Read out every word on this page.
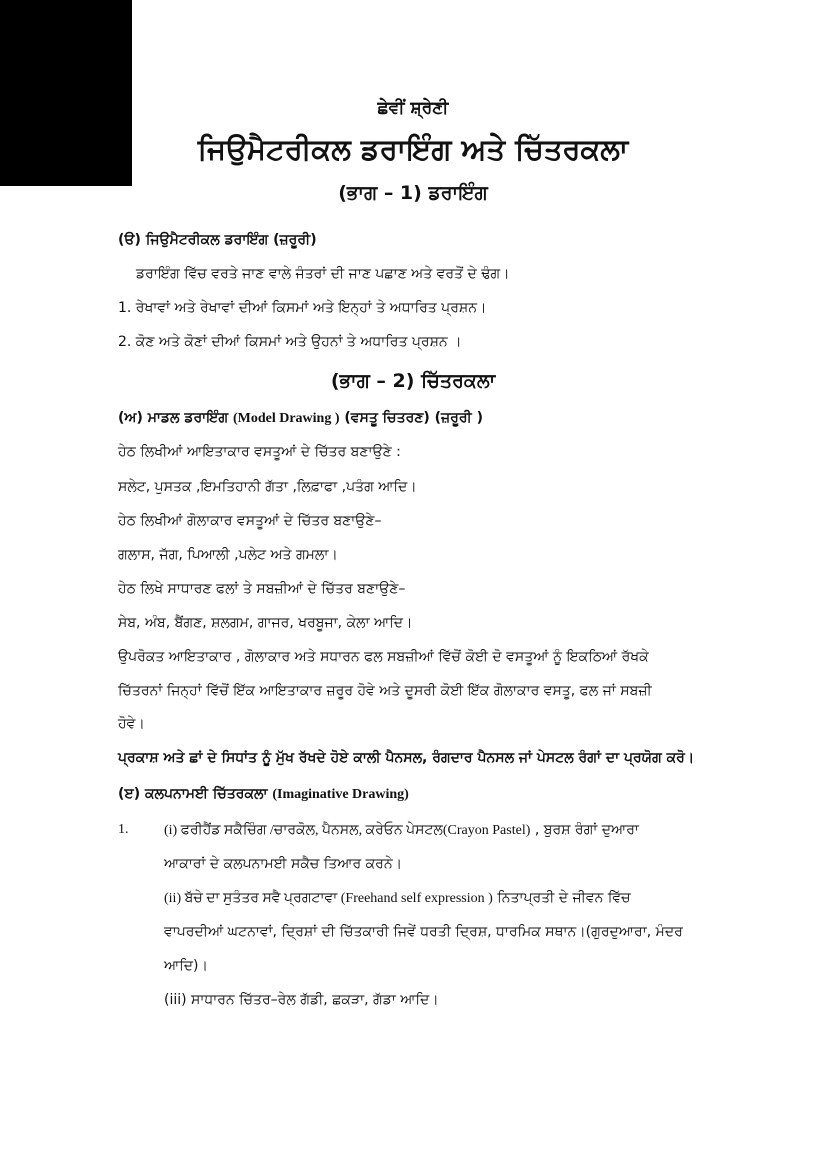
ਛੇਵੀਂ ਸ਼੍ਰੇਣੀ
ਜਿਉਮੈਟਰੀਕਲ ਡਰਾਇੰਗ ਅਤੇ ਚਿੱਤਰਕਲਾ
(ਭਾਗ – 1) ਡਰਾਇੰਗ
(ੳ) ਜਿਉਮੈਟਰੀਕਲ ਡਰਾਇੰਗ (ਜ਼ਰੂਰੀ)
ਡਰਾਇੰਗ ਵਿੱਚ ਵਰਤੇ ਜਾਣ ਵਾਲੇ ਜੰਤਰਾਂ ਦੀ ਜਾਣ ਪਛਾਣ ਅਤੇ ਵਰਤੋਂ ਦੇ ਢੰਗ।
1. ਰੇਖਾਵਾਂ ਅਤੇ ਰੇਖਾਵਾਂ ਦੀਆਂ ਕਿਸਮਾਂ ਅਤੇ ਇਨ੍ਹਾਂ ਤੇ ਅਧਾਰਿਤ ਪ੍ਰਸ਼ਨ।
2. ਕੋਣ ਅਤੇ ਕੋਣਾਂ ਦੀਆਂ ਕਿਸਮਾਂ ਅਤੇ ਉਹਨਾਂ ਤੇ ਅਧਾਰਿਤ ਪ੍ਰਸ਼ਨ ।
(ਭਾਗ – 2) ਚਿੱਤਰਕਲਾ
(ਅ) ਮਾਡਲ ਡਰਾਇੰਗ (Model Drawing ) (ਵਸਤੂ ਚਿਤਰਣ) (ਜ਼ਰੂਰੀ )
ਹੇਠ ਲਿਖੀਆਂ ਆਇਤਾਕਾਰ ਵਸਤੂਆਂ ਦੇ ਚਿੱਤਰ ਬਣਾਉਣੇ :
ਸਲੇਟ, ਪੁਸਤਕ ,ਇਮਤਿਹਾਨੀ ਗੱਤਾ ,ਲਿਫ਼ਾਫਾ ,ਪਤੰਗ ਆਦਿ।
ਹੇਠ ਲਿਖੀਆਂ ਗੋਲਾਕਾਰ ਵਸਤੂਆਂ ਦੇ ਚਿੱਤਰ ਬਣਾਉਣੇ–
ਗਲਾਸ, ਜੱਗ, ਪਿਆਲੀ ,ਪਲੇਟ ਅਤੇ ਗਮਲਾ।
ਹੇਠ ਲਿਖੇ ਸਾਧਾਰਣ ਫਲਾਂ ਤੇ ਸਬਜ਼ੀਆਂ ਦੇ ਚਿੱਤਰ ਬਣਾਉਣੇ–
ਸੇਬ, ਅੰਬ, ਬੈਂਗਣ, ਸ਼ਲਗਮ, ਗਾਜਰ, ਖਰਬੂਜਾ, ਕੇਲਾ ਆਦਿ।
ਉਪਰੋਕਤ ਆਇਤਾਕਾਰ , ਗੋਲਾਕਾਰ ਅਤੇ ਸਧਾਰਨ ਫਲ ਸਬਜ਼ੀਆਂ ਵਿੱਚੋਂ ਕੋਈ ਦੋ ਵਸਤੂਆਂ ਨੂੰ ਇਕਠਿਆਂ ਰੱਖਕੇ
ਚਿੱਤਰਨਾਂ ਜਿਨ੍ਹਾਂ ਵਿੱਚੋਂ ਇੱਕ ਆਇਤਾਕਾਰ ਜ਼ਰੂਰ ਹੋਵੇ ਅਤੇ ਦੂਸਰੀ ਕੋਈ ਇੱਕ ਗੋਲਾਕਾਰ ਵਸਤੂ, ਫਲ ਜਾਂ ਸਬਜ਼ੀ
ਹੋਵੇ।
ਪ੍ਰਕਾਸ਼ ਅਤੇ ਛਾਂ ਦੇ ਸਿਧਾਂਤ ਨੂੰ ਮੁੱਖ ਰੱਖਦੇ ਹੋਏ ਕਾਲੀ ਪੈਨਸਲ, ਰੰਗਦਾਰ ਪੈਨਸਲ ਜਾਂ ਪੇਸਟਲ ਰੰਗਾਂ ਦਾ ਪ੍ਰਯੋਗ ਕਰੋ।
(ੲ) ਕਲਪਨਾਮਈ ਚਿੱਤਰਕਲਾ (Imaginative Drawing)
1.	(i) ਫਰੀਹੈਂਡ ਸਕੈਚਿੰਗ /ਚਾਰਕੋਲ, ਪੈਨਸਲ, ਕਰੇਓਨ ਪੇਸਟਲ(Crayon Pastel) , ਬੁਰਸ਼ ਰੰਗਾਂ ਦੁਆਰਾ
ਆਕਾਰਾਂ ਦੇ ਕਲਪਨਾਮਈ ਸਕੈਚ ਤਿਆਰ ਕਰਨੇ।
(ii) ਬੱਚੇ ਦਾ ਸੁਤੰਤਰ ਸਵੈ ਪ੍ਰਗਟਾਵਾ (Freehand self expression ) ਨਿਤਾਪ੍ਰਤੀ ਦੇ ਜੀਵਨ ਵਿੱਚ
ਵਾਪਰਦੀਆਂ ਘਟਨਾਵਾਂ, ਦ੍ਰਿਸ਼ਾਂ ਦੀ ਚਿੱਤਕਾਰੀ ਜਿਵੇਂ ਧਰਤੀ ਦ੍ਰਿਸ਼, ਧਾਰਮਿਕ ਸਥਾਨ।(ਗੁਰਦੁਆਰਾ, ਮੰਦਰ
ਆਦਿ)।
(iii) ਸਾਧਾਰਨ ਚਿੱਤਰ–ਰੇਲ ਗੱਡੀ, ਛਕੜਾ, ਗੱਡਾ ਆਦਿ।
